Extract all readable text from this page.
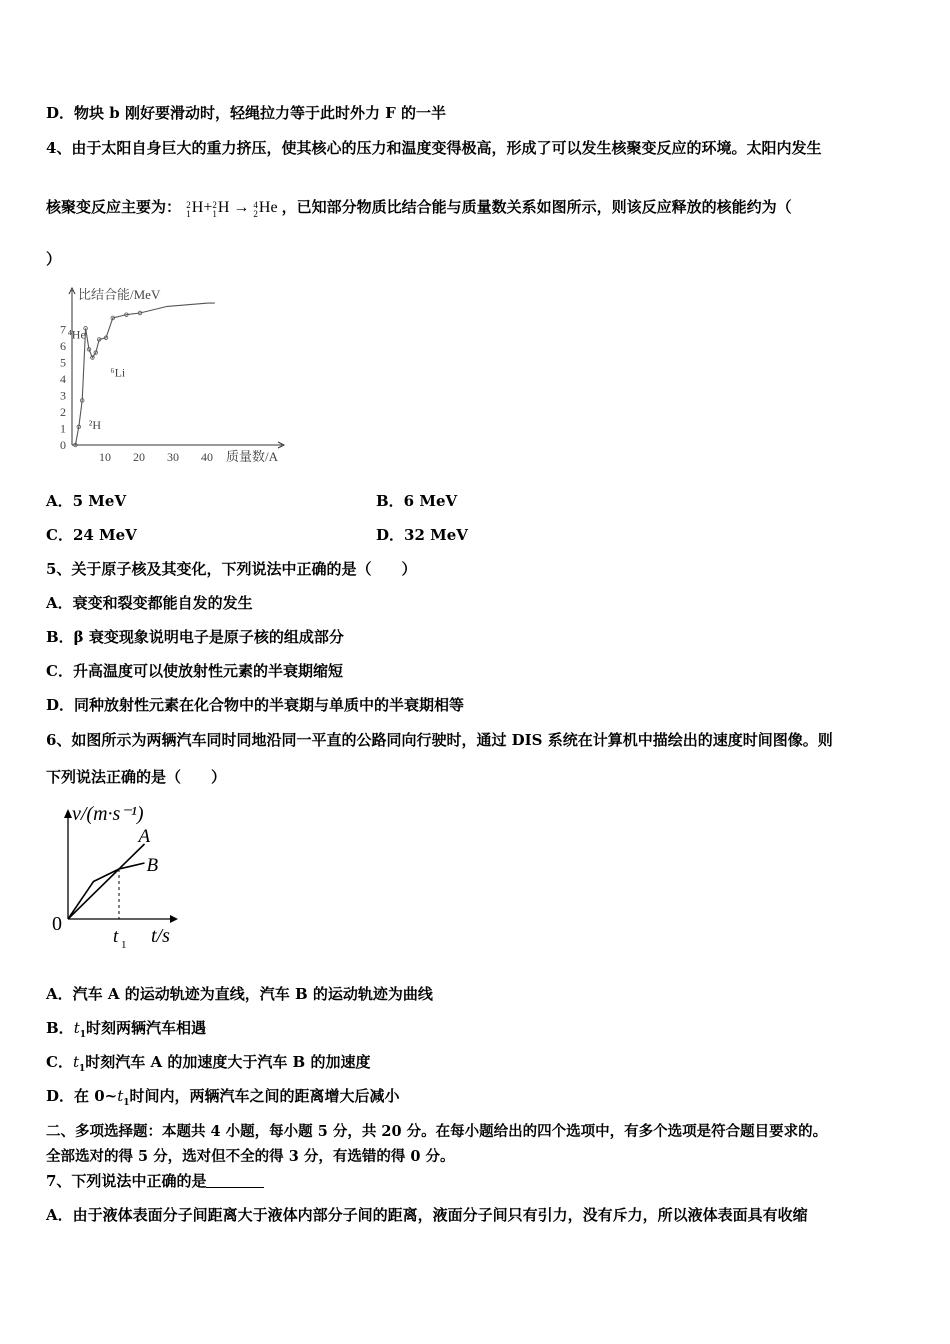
D．物块 b 刚好要滑动时，轻绳拉力等于此时外力 F 的一半
4、由于太阳自身巨大的重力挤压，使其核心的压力和温度变得极高，形成了可以发生核聚变反应的环境。太阳内发生
核聚变反应主要为： 2
1 H+ 2
1 H → 4
2 He ，已知部分物质比结合能与质量数关系如图所示，则该反应释放的核能约为（
）
0
1
2
3
4
5
6
7
10 20 30 40
比结合能/MeV
质量数/A
⁴He
⁶Li
²H
A．5 MeV	B．6 MeV
C．24 MeV	D．32 MeV
5、关于原子核及其变化，下列说法中正确的是（　　）
A．衰变和裂变都能自发的发生
B．β 衰变现象说明电子是原子核的组成部分
C．升高温度可以使放射性元素的半衰期缩短
D．同种放射性元素在化合物中的半衰期与单质中的半衰期相等
6、如图所示为两辆汽车同时同地沿同一平直的公路同向行驶时，通过 DIS 系统在计算机中描绘出的速度时间图像。则
下列说法正确的是（　　）
v/(m·s⁻¹)
t/s
0
t 1
A
B
A．汽车 A 的运动轨迹为直线，汽车 B 的运动轨迹为曲线
B．$t_1$时刻两辆汽车相遇
C．$t_1$时刻汽车 A 的加速度大于汽车 B 的加速度
D．在 $0\sim t_1$时间内，两辆汽车之间的距离增大后减小
二、多项选择题：本题共 4 小题，每小题 5 分，共 20 分。在每小题给出的四个选项中，有多个选项是符合题目要求的。
全部选对的得 5 分，选对但不全的得 3 分，有选错的得 0 分。
7、下列说法中正确的是
A．由于液体表面分子间距离大于液体内部分子间的距离，液面分子间只有引力，没有斥力，所以液体表面具有收缩
